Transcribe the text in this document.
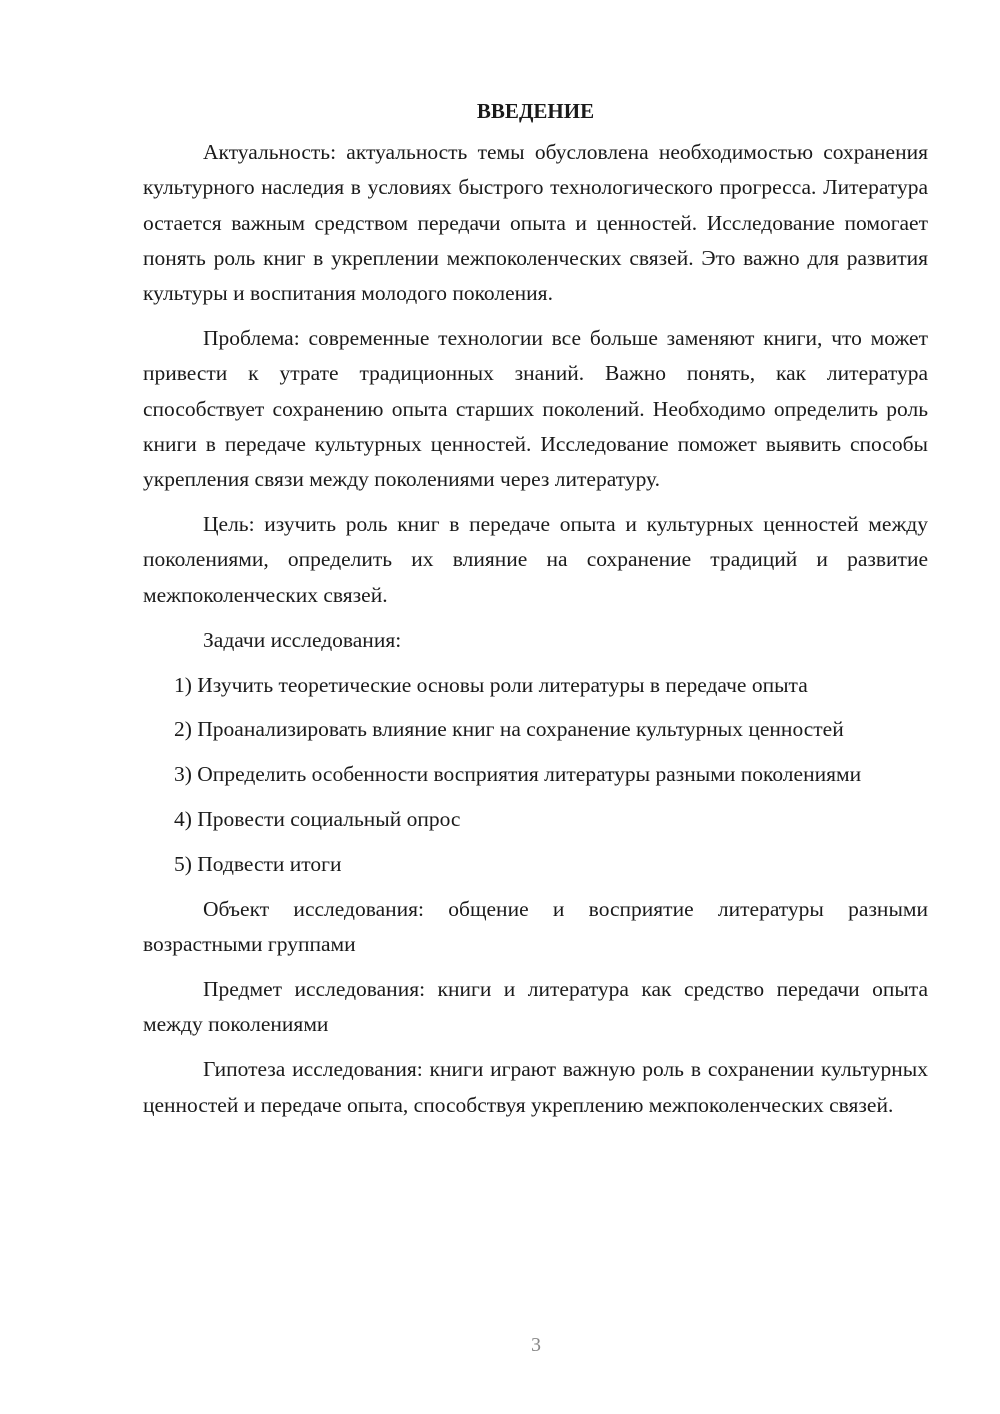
ВВЕДЕНИЕ

Актуальность: актуальность темы обусловлена необходимостью сохранения культурного наследия в условиях быстрого технологического прогресса. Литература остается важным средством передачи опыта и ценностей. Исследование помогает понять роль книг в укреплении межпоколенческих связей. Это важно для развития культуры и воспитания молодого поколения.

Проблема: современные технологии все больше заменяют книги, что может привести к утрате традиционных знаний. Важно понять, как литература способствует сохранению опыта старших поколений. Необходимо определить роль книги в передаче культурных ценностей. Исследование поможет выявить способы укрепления связи между поколениями через литературу.

Цель: изучить роль книг в передаче опыта и культурных ценностей между поколениями, определить их влияние на сохранение традиций и развитие межпоколенческих связей.

Задачи исследования:

1) Изучить теоретические основы роли литературы в передаче опыта

2) Проанализировать влияние книг на сохранение культурных ценностей

3) Определить особенности восприятия литературы разными поколениями

4) Провести социальный опрос

5) Подвести итоги

Объект исследования: общение и восприятие литературы разными возрастными группами

Предмет исследования: книги и литература как средство передачи опыта между поколениями

Гипотеза исследования: книги играют важную роль в сохранении культурных ценностей и передаче опыта, способствуя укреплению межпоколенческих связей.

3
